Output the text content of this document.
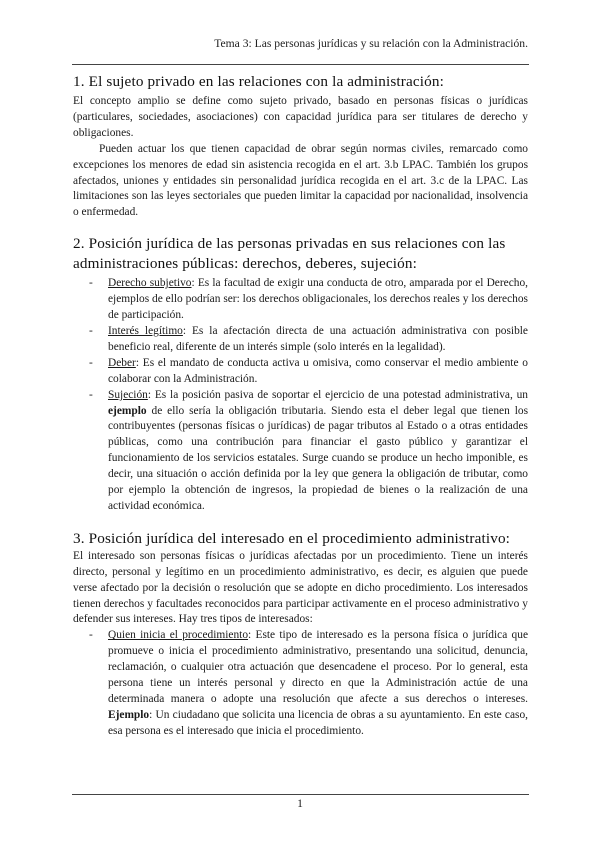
Tema 3: Las personas jurídicas y su relación con la Administración.
1. El sujeto privado en las relaciones con la administración:

El concepto amplio se define como sujeto privado, basado en personas físicas o jurídicas (particulares, sociedades, asociaciones) con capacidad jurídica para ser titulares de derecho y obligaciones.

Pueden actuar los que tienen capacidad de obrar según normas civiles, remarcado como excepciones los menores de edad sin asistencia recogida en el art. 3.b LPAC. También los grupos afectados, uniones y entidades sin personalidad jurídica recogida en el art. 3.c de la LPAC. Las limitaciones son las leyes sectoriales que pueden limitar la capacidad por nacionalidad, insolvencia o enfermedad.

2. Posición jurídica de las personas privadas en sus relaciones con las administraciones públicas: derechos, deberes, sujeción:
- Derecho subjetivo: Es la facultad de exigir una conducta de otro, amparada por el Derecho, ejemplos de ello podrían ser: los derechos obligacionales, los derechos reales y los derechos de participación.
- Interés legítimo: Es la afectación directa de una actuación administrativa con posible beneficio real, diferente de un interés simple (solo interés en la legalidad).
- Deber: Es el mandato de conducta activa u omisiva, como conservar el medio ambiente o colaborar con la Administración.
- Sujeción: Es la posición pasiva de soportar el ejercicio de una potestad administrativa, un ejemplo de ello sería la obligación tributaria. Siendo esta el deber legal que tienen los contribuyentes (personas físicas o jurídicas) de pagar tributos al Estado o a otras entidades públicas, como una contribución para financiar el gasto público y garantizar el funcionamiento de los servicios estatales. Surge cuando se produce un hecho imponible, es decir, una situación o acción definida por la ley que genera la obligación de tributar, como por ejemplo la obtención de ingresos, la propiedad de bienes o la realización de una actividad económica.
3. Posición jurídica del interesado en el procedimiento administrativo:

El interesado son personas físicas o jurídicas afectadas por un procedimiento. Tiene un interés directo, personal y legítimo en un procedimiento administrativo, es decir, es alguien que puede verse afectado por la decisión o resolución que se adopte en dicho procedimiento. Los interesados tienen derechos y facultades reconocidos para participar activamente en el proceso administrativo y defender sus intereses. Hay tres tipos de interesados:

- Quien inicia el procedimiento: Este tipo de interesado es la persona física o jurídica que promueve o inicia el procedimiento administrativo, presentando una solicitud, denuncia, reclamación, o cualquier otra actuación que desencadene el proceso. Por lo general, esta persona tiene un interés personal y directo en que la Administración actúe de una determinada manera o adopte una resolución que afecte a sus derechos o intereses. Ejemplo: Un ciudadano que solicita una licencia de obras a su ayuntamiento. En este caso, esa persona es el interesado que inicia el procedimiento.
1
